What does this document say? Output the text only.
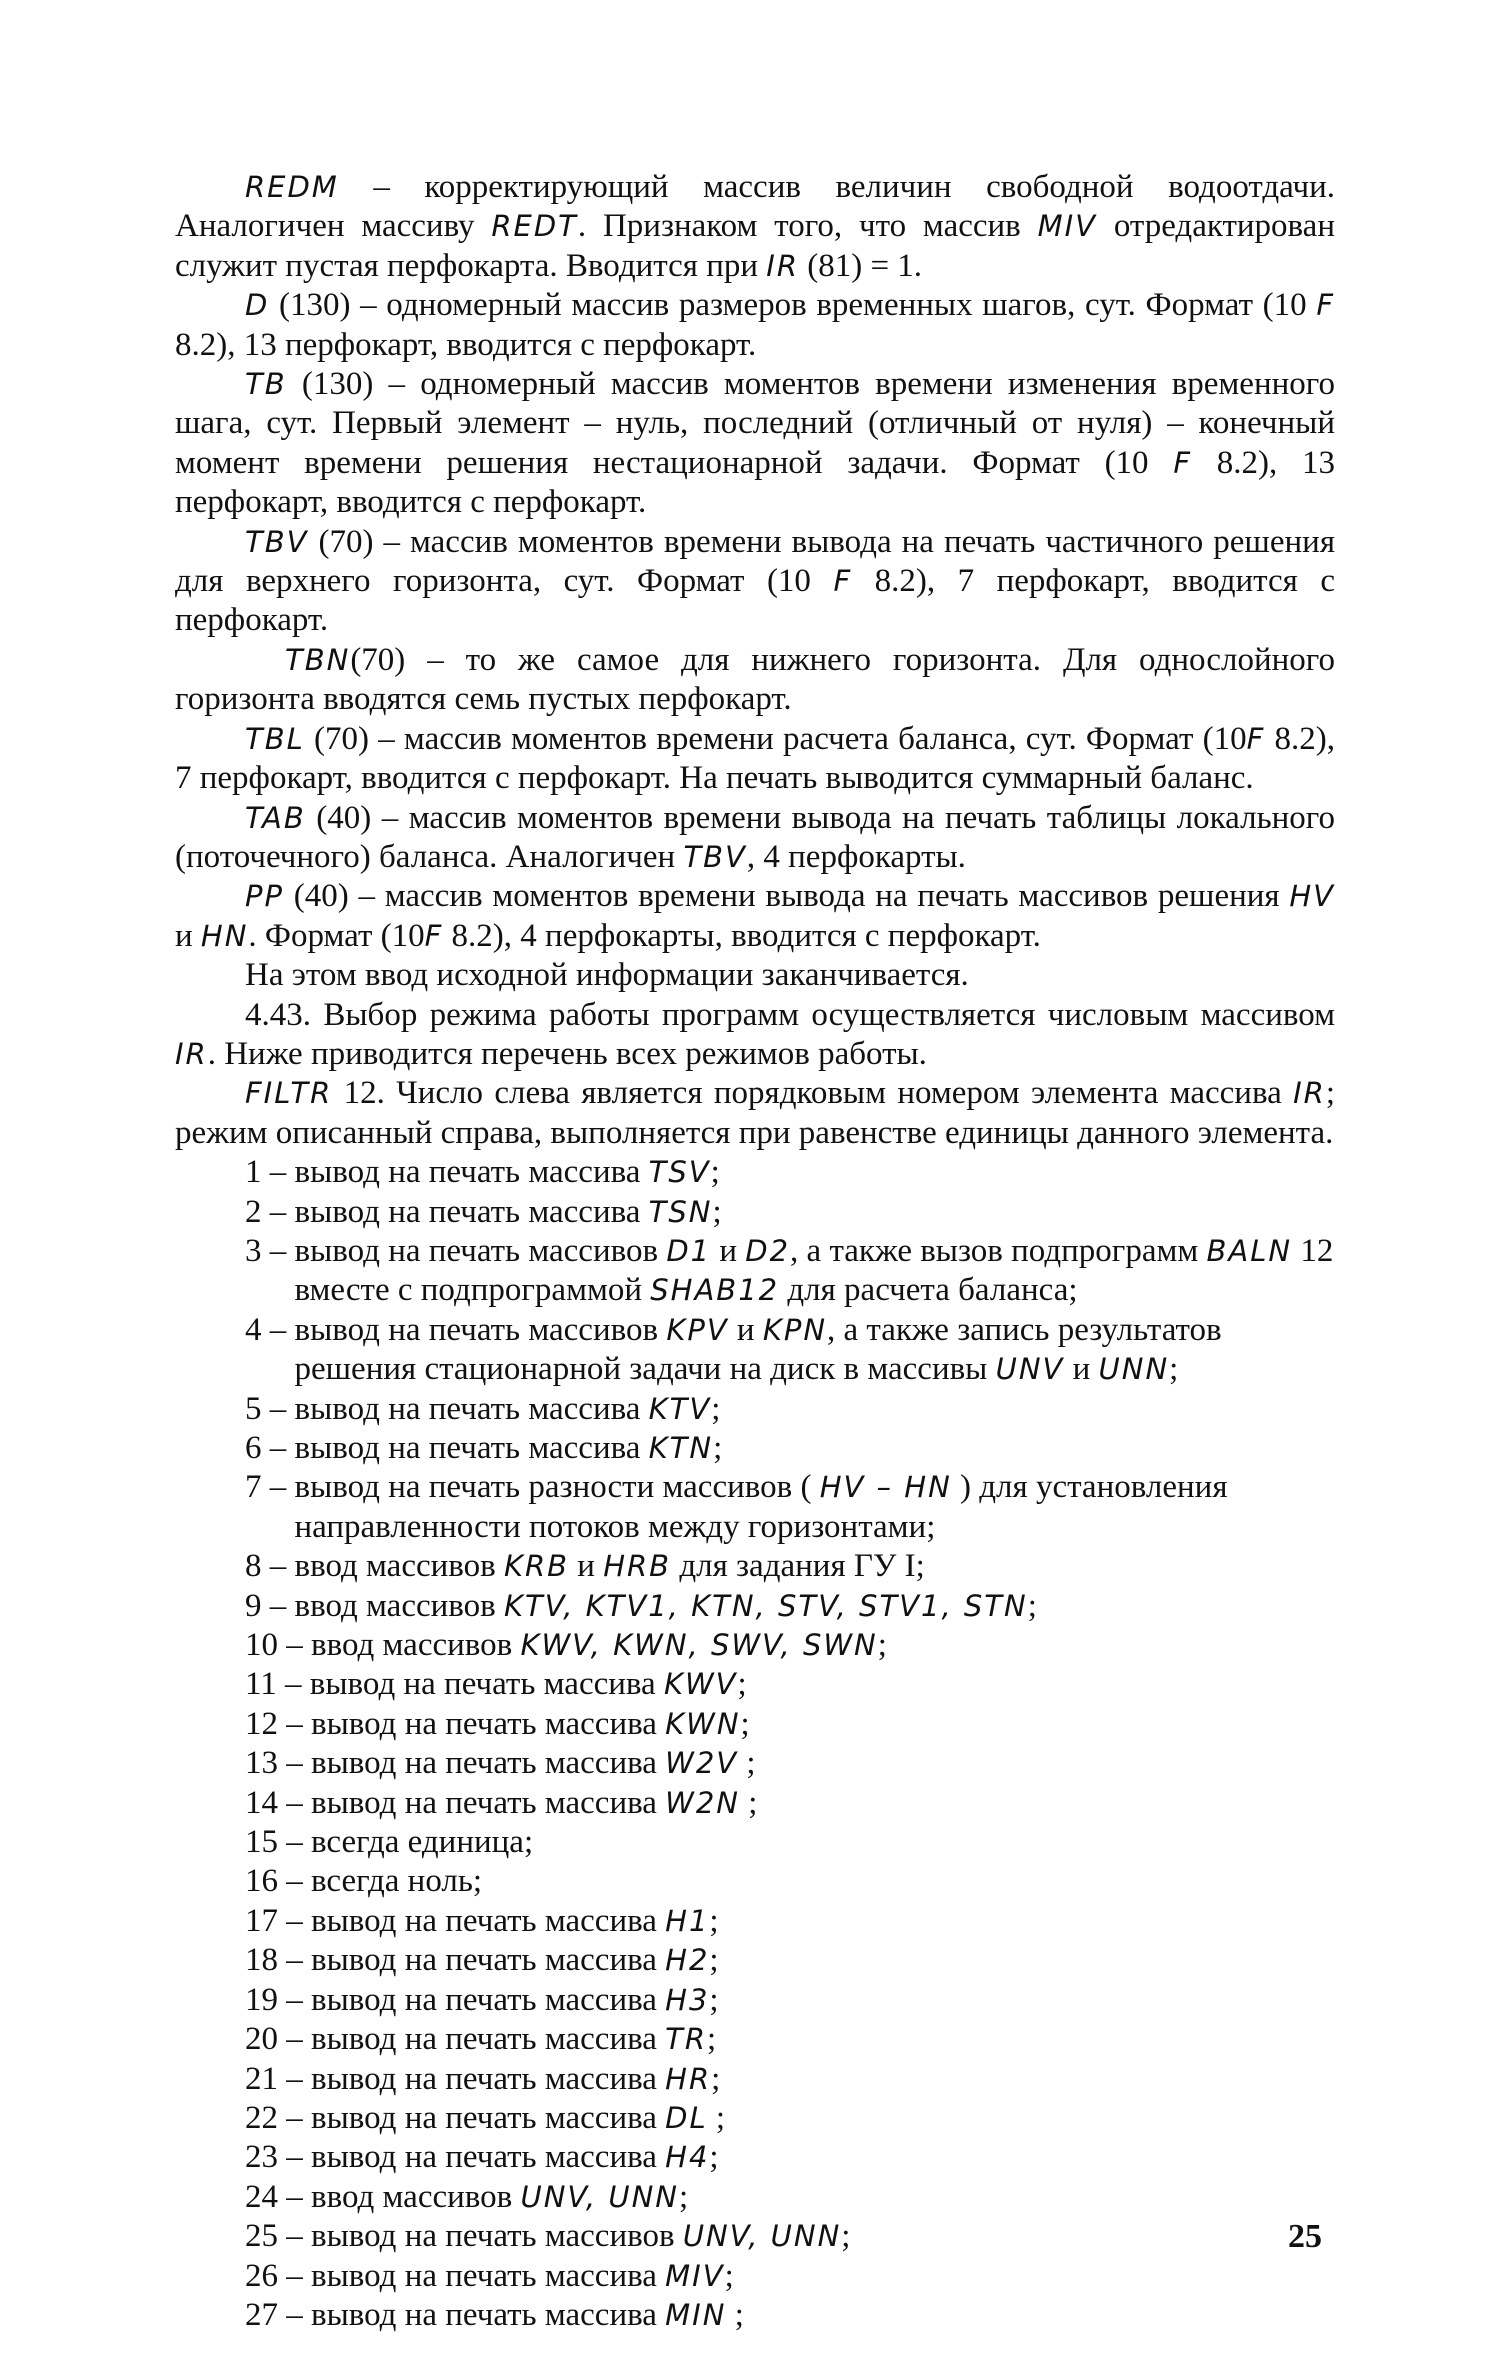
REDM – корректирующий массив величин свободной водоотдачи. Аналогичен массиву REDT. Признаком того, что массив MIV отредактирован служит пустая перфокарта. Вводится при IR (81) = 1.

D (130) – одномерный массив размеров временных шагов, сут. Формат (10 F 8.2), 13 перфокарт, вводится с перфокарт.

TB (130) – одномерный массив моментов времени изменения временного шага, сут. Первый элемент – нуль, последний (отличный от нуля) – конечный момент времени решения нестационарной задачи. Формат (10 F 8.2), 13 перфокарт, вводится с перфокарт.

TBV (70) – массив моментов времени вывода на печать частичного решения для верхнего горизонта, сут. Формат (10 F 8.2), 7 перфокарт, вводится с перфокарт.

TBN(70) – то же самое для нижнего горизонта. Для однослойного горизонта вводятся семь пустых перфокарт.

TBL (70) – массив моментов времени расчета баланса, сут. Формат (10F 8.2), 7 перфокарт, вводится с перфокарт. На печать выводится суммарный баланс.

TAB (40) – массив моментов времени вывода на печать таблицы локального (поточечного) баланса. Аналогичен TBV, 4 перфокарты.

PP (40) – массив моментов времени вывода на печать массивов решения HV и HN. Формат (10F 8.2), 4 перфокарты, вводится с перфокарт.

На этом ввод исходной информации заканчивается.

4.43. Выбор режима работы программ осуществляется числовым массивом IR. Ниже приводится перечень всех режимов работы.

FILTR 12. Число слева является порядковым номером элемента массива IR; режим описанный справа, выполняется при равенстве единицы данного элемента.

1 – вывод на печать массива TSV;
2 – вывод на печать массива TSN;
3 – вывод на печать массивов D1 и D2, а также вызов подпрограмм BALN 12 вместе с подпрограммой SHAB12 для расчета баланса;
4 – вывод на печать массивов KPV и KPN, а также запись результатов решения стационарной задачи на диск в массивы UNV и UNN;
5 – вывод на печать массива KTV;
6 – вывод на печать массива KTN;
7 – вывод на печать разности массивов ( HV – HN ) для установления направленности потоков между горизонтами;
8 – ввод массивов KRB и HRB для задания ГУ I;
9 – ввод массивов KTV, KTV1, KTN, STV, STV1, STN;
10 – ввод массивов KWV, KWN, SWV, SWN;
11 – вывод на печать массива KWV;
12 – вывод на печать массива KWN;
13 – вывод на печать массива W2V ;
14 – вывод на печать массива W2N ;
15 – всегда единица;
16 – всегда ноль;
17 – вывод на печать массива H1;
18 – вывод на печать массива H2;
19 – вывод на печать массива H3;
20 – вывод на печать массива TR;
21 – вывод на печать массива HR;
22 – вывод на печать массива DL ;
23 – вывод на печать массива H4;
24 – ввод массивов UNV, UNN;
25 – вывод на печать массивов UNV, UNN;
26 – вывод на печать массива MIV;
27 – вывод на печать массива MIN ;
25
